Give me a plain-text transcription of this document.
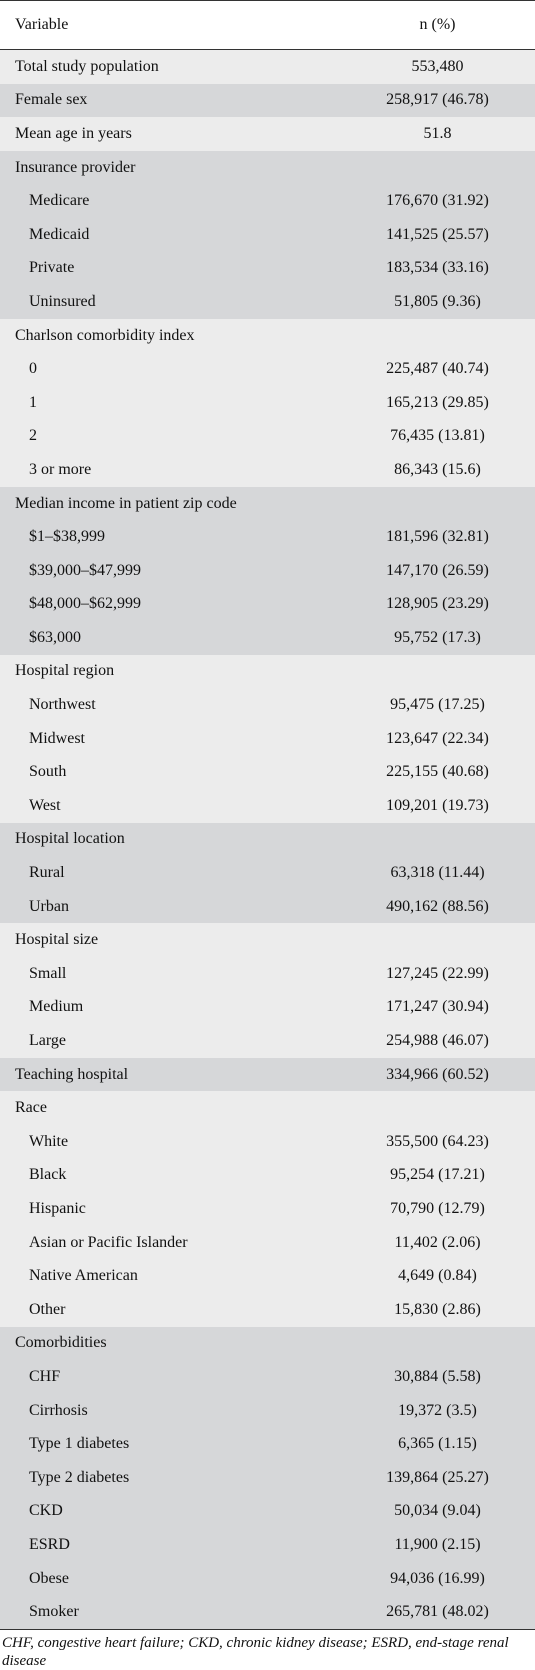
Variable	n (%)
Total study population	553,480
Female sex	258,917 (46.78)
Mean age in years	51.8
Insurance provider	
Medicare	176,670 (31.92)
Medicaid	141,525 (25.57)
Private	183,534 (33.16)
Uninsured	51,805 (9.36)
Charlson comorbidity index	
0	225,487 (40.74)
1	165,213 (29.85)
2	76,435 (13.81)
3 or more	86,343 (15.6)
Median income in patient zip code	
$1–$38,999	181,596 (32.81)
$39,000–$47,999	147,170 (26.59)
$48,000–$62,999	128,905 (23.29)
$63,000	95,752 (17.3)
Hospital region	
Northwest	95,475 (17.25)
Midwest	123,647 (22.34)
South	225,155 (40.68)
West	109,201 (19.73)
Hospital location	
Rural	63,318 (11.44)
Urban	490,162 (88.56)
Hospital size	
Small	127,245 (22.99)
Medium	171,247 (30.94)
Large	254,988 (46.07)
Teaching hospital	334,966 (60.52)
Race	
White	355,500 (64.23)
Black	95,254 (17.21)
Hispanic	70,790 (12.79)
Asian or Pacific Islander	11,402 (2.06)
Native American	4,649 (0.84)
Other	15,830 (2.86)
Comorbidities	
CHF	30,884 (5.58)
Cirrhosis	19,372 (3.5)
Type 1 diabetes	6,365 (1.15)
Type 2 diabetes	139,864 (25.27)
CKD	50,034 (9.04)
ESRD	11,900 (2.15)
Obese	94,036 (16.99)
Smoker	265,781 (48.02)
CHF, congestive heart failure; CKD, chronic kidney disease; ESRD, end-stage renal disease
